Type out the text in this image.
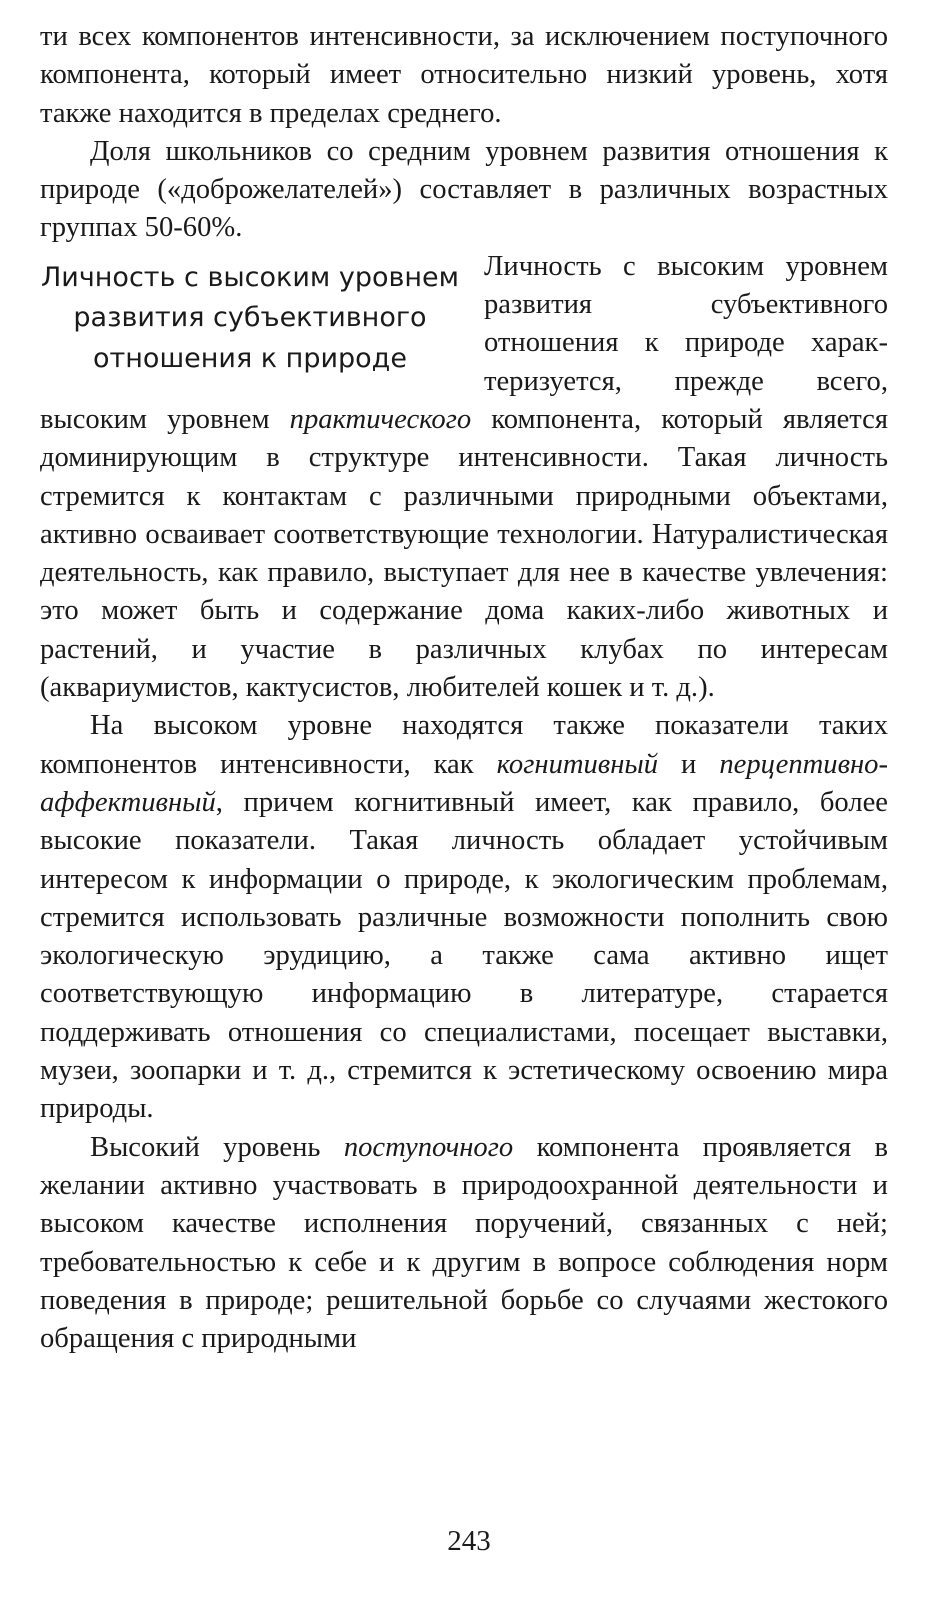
ти всех компонентов интенсивности, за исключением поступочного компонента, который имеет относительно низкий уровень, хотя также находится в пределах среднего.

Доля школьников со средним уровнем развития отношения к природе («доброжелателей») составляет в различных возрастных группах 50-60%.

Личность с высоким уровнем развития субъективного отношения к природе

Личность с высоким уровнем развития субъективного отношения к природе характеризуется, прежде всего, высоким уровнем практического компонента, который является доминирующим в структуре интенсивности. Такая личность стремится к контактам с различными природными объектами, активно осваивает соответствующие технологии. Натуралистическая деятельность, как правило, выступает для нее в качестве увлечения: это может быть и содержание дома каких-либо животных и растений, и участие в различных клубах по интересам (аквариумистов, кактусистов, любителей кошек и т. д.).

На высоком уровне находятся также показатели таких компонентов интенсивности, как когнитивный и перцептивно-аффективный, причем когнитивный имеет, как правило, более высокие показатели. Такая личность обладает устойчивым интересом к информации о природе, к экологическим проблемам, стремится использовать различные возможности пополнить свою экологическую эрудицию, а также сама активно ищет соответствующую информацию в литературе, старается поддерживать отношения со специалистами, посещает выставки, музеи, зоопарки и т. д., стремится к эстетическому освоению мира природы.

Высокий уровень поступочного компонента проявляется в желании активно участвовать в природоохранной деятельности и высоком качестве исполнения поручений, связанных с ней; требовательностью к себе и к другим в вопросе соблюдения норм поведения в природе; решительной борьбе со случаями жестокого обращения с природными

243
